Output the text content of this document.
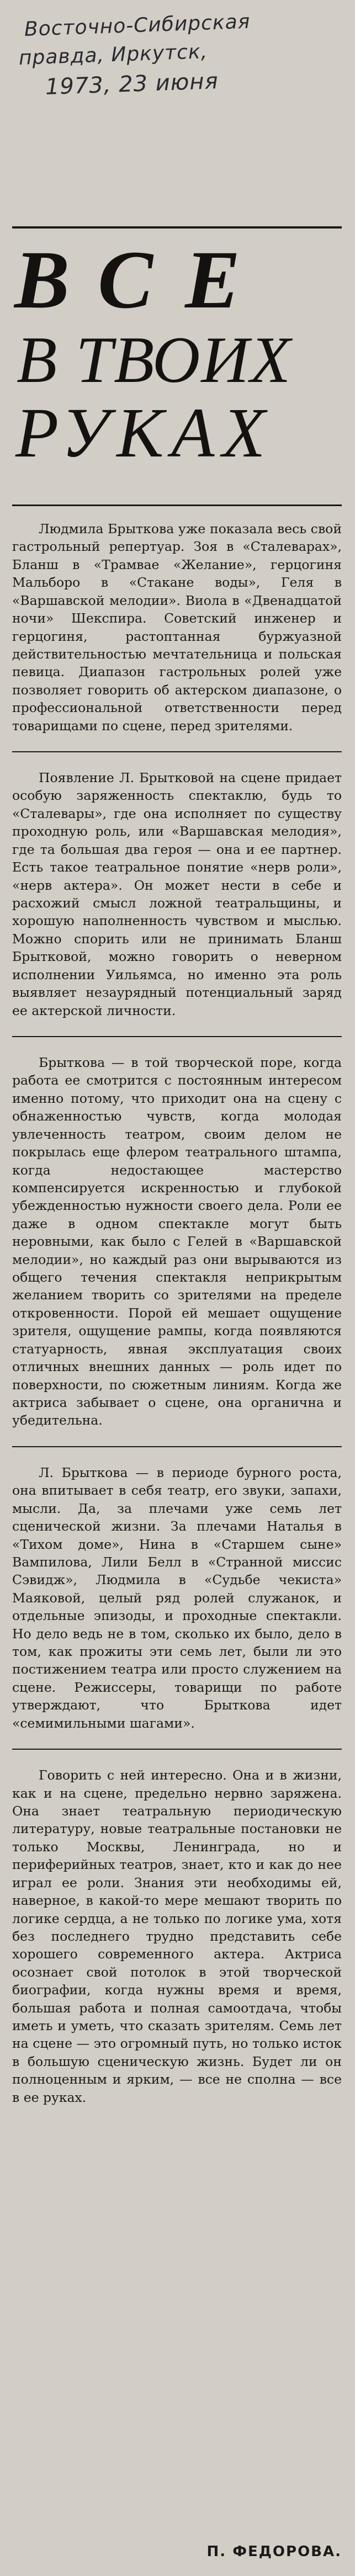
Восточно-Сибирская
правда, Иркутск,
1973, 23 июня
ВСЕ
В ТВОИХ
РУКАХ

Людмила Брыткова уже показала весь свой гастрольный репертуар. Зоя в «Сталеварах», Бланш в «Трамвае «Желание», герцогиня Мальборо в «Стакане воды», Геля в «Варшавской мелодии». Виола в «Двенадцатой ночи» Шекспира. Советский инженер и герцогиня, растоптанная буржуазной действительностью мечтательница и польская певица. Диапазон гастрольных ролей уже позволяет говорить об актерском диапазоне, о профессиональной ответственности перед товарищами по сцене, перед зрителями.

Появление Л. Брытковой на сцене придает особую заряженность спектаклю, будь то «Сталевары», где она исполняет по существу проходную роль, или «Варшавская мелодия», где та большая два героя — она и ее партнер. Есть такое театральное понятие «нерв роли», «нерв актера». Он может нести в себе и расхожий смысл ложной театральщины, и хорошую наполненность чувством и мыслью. Можно спорить или не принимать Бланш Брытковой, можно говорить о неверном исполнении Уильямса, но именно эта роль выявляет незаурядный потенциальный заряд ее актерской личности.

Брыткова — в той творческой поре, когда работа ее смотрится с постоянным интересом именно потому, что приходит она на сцену с обнаженностью чувств, когда молодая увлеченность театром, своим делом не покрылась еще флером театрального штампа, когда недостающее мастерство компенсируется искренностью и глубокой убежденностью нужности своего дела. Роли ее даже в одном спектакле могут быть неровными, как было с Гелей в «Варшавской мелодии», но каждый раз они вырываются из общего течения спектакля неприкрытым желанием творить со зрителями на пределе откровенности. Порой ей мешает ощущение зрителя, ощущение рампы, когда появляются статуарность, явная эксплуатация своих отличных внешних данных — роль идет по поверхности, по сюжетным линиям. Когда же актриса забывает о сцене, она органична и убедительна.

Л. Брыткова — в периоде бурного роста, она впитывает в себя театр, его звуки, запахи, мысли. Да, за плечами уже семь лет сценической жизни. За плечами Наталья в «Тихом доме», Нина в «Старшем сыне» Вампилова, Лили Белл в «Странной миссис Сэвидж», Людмила в «Судьбе чекиста» Маяковой, целый ряд ролей служанок, и отдельные эпизоды, и проходные спектакли. Но дело ведь не в том, сколько их было, дело в том, как прожиты эти семь лет, были ли это постижением театра или просто служением на сцене. Режиссеры, товарищи по работе утверждают, что Брыткова идет «семимильными шагами».

Говорить с ней интересно. Она и в жизни, как и на сцене, предельно нервно заряжена. Она знает театральную периодическую литературу, новые театральные постановки не только Москвы, Ленинграда, но и периферийных театров, знает, кто и как до нее играл ее роли. Знания эти необходимы ей, наверное, в какой-то мере мешают творить по логике сердца, а не только по логике ума, хотя без последнего трудно представить себе хорошего современного актера. Актриса осознает свой потолок в этой творческой биографии, когда нужны время и время, большая работа и полная самоотдача, чтобы иметь и уметь, что сказать зрителям. Семь лет на сцене — это огромный путь, но только исток в большую сценическую жизнь. Будет ли он полноценным и ярким, — все не сполна — все в ее руках.

П. ФЕДОРОВА.
